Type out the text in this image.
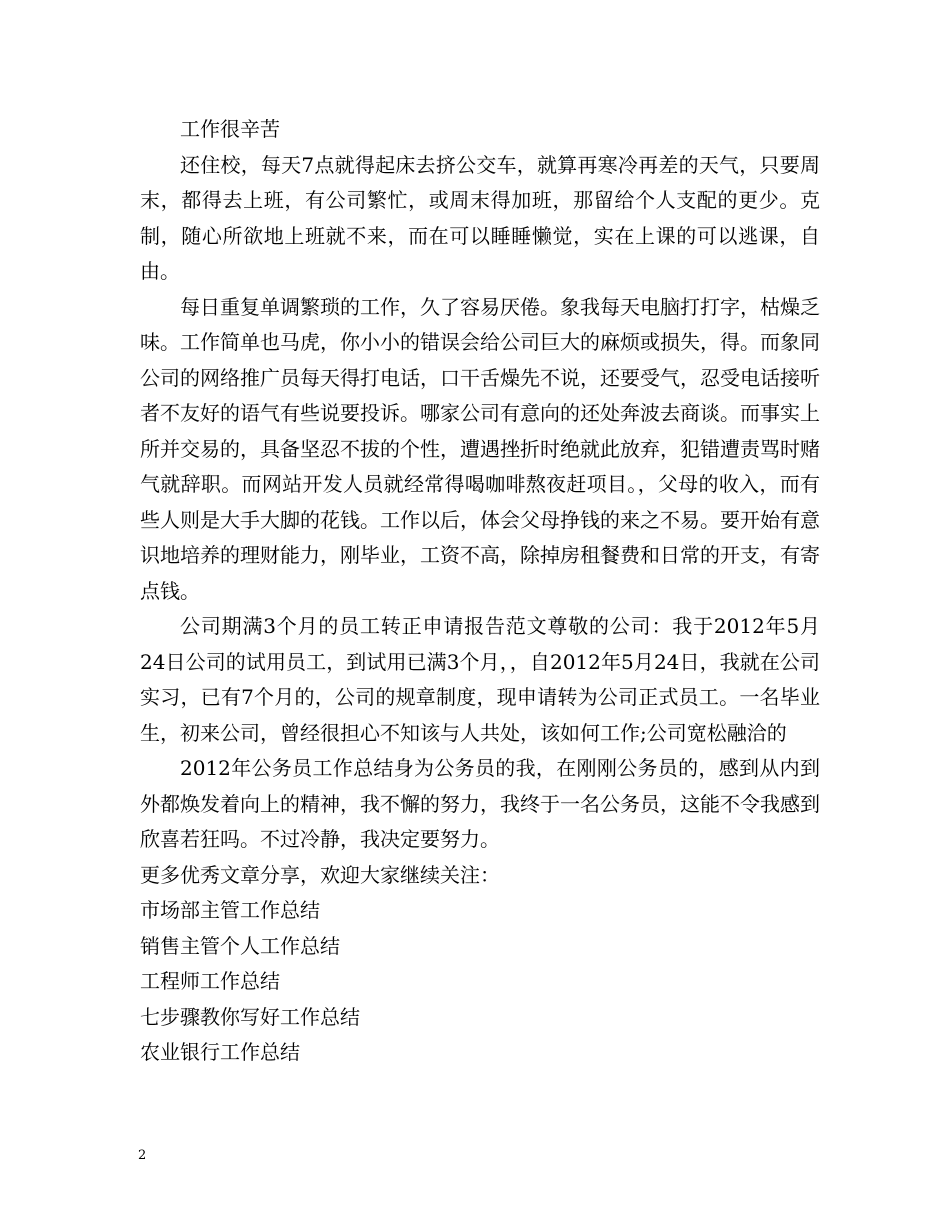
工作很辛苦

还住校，每天7点就得起床去挤公交车，就算再寒冷再差的天气，只要周末，都得去上班，有公司繁忙，或周末得加班，那留给个人支配的更少。克制，随心所欲地上班就不来，而在可以睡睡懒觉，实在上课的可以逃课，自由。

每日重复单调繁琐的工作，久了容易厌倦。象我每天电脑打打字，枯燥乏味。工作简单也马虎，你小小的错误会给公司巨大的麻烦或损失，得。而象同公司的网络推广员每天得打电话，口干舌燥先不说，还要受气，忍受电话接听者不友好的语气有些说要投诉。哪家公司有意向的还处奔波去商谈。而事实上所并交易的，具备坚忍不拔的个性，遭遇挫折时绝就此放弃，犯错遭责骂时赌气就辞职。而网站开发人员就经常得喝咖啡熬夜赶项目。，父母的收入，而有些人则是大手大脚的花钱。工作以后，体会父母挣钱的来之不易。要开始有意识地培养的理财能力，刚毕业，工资不高，除掉房租餐费和日常的开支，有寄点钱。

公司期满3个月的员工转正申请报告范文尊敬的公司：我于2012年5月24日公司的试用员工，到试用已满3个月，，自2012年5月24日，我就在公司实习，已有7个月的，公司的规章制度，现申请转为公司正式员工。一名毕业生，初来公司，曾经很担心不知该与人共处，该如何工作;公司宽松融洽的

2012年公务员工作总结身为公务员的我，在刚刚公务员的，感到从内到外都焕发着向上的精神，我不懈的努力，我终于一名公务员，这能不令我感到欣喜若狂吗。不过冷静，我决定要努力。

更多优秀文章分享，欢迎大家继续关注：

市场部主管工作总结

销售主管个人工作总结

工程师工作总结

七步骤教你写好工作总结

农业银行工作总结

2
